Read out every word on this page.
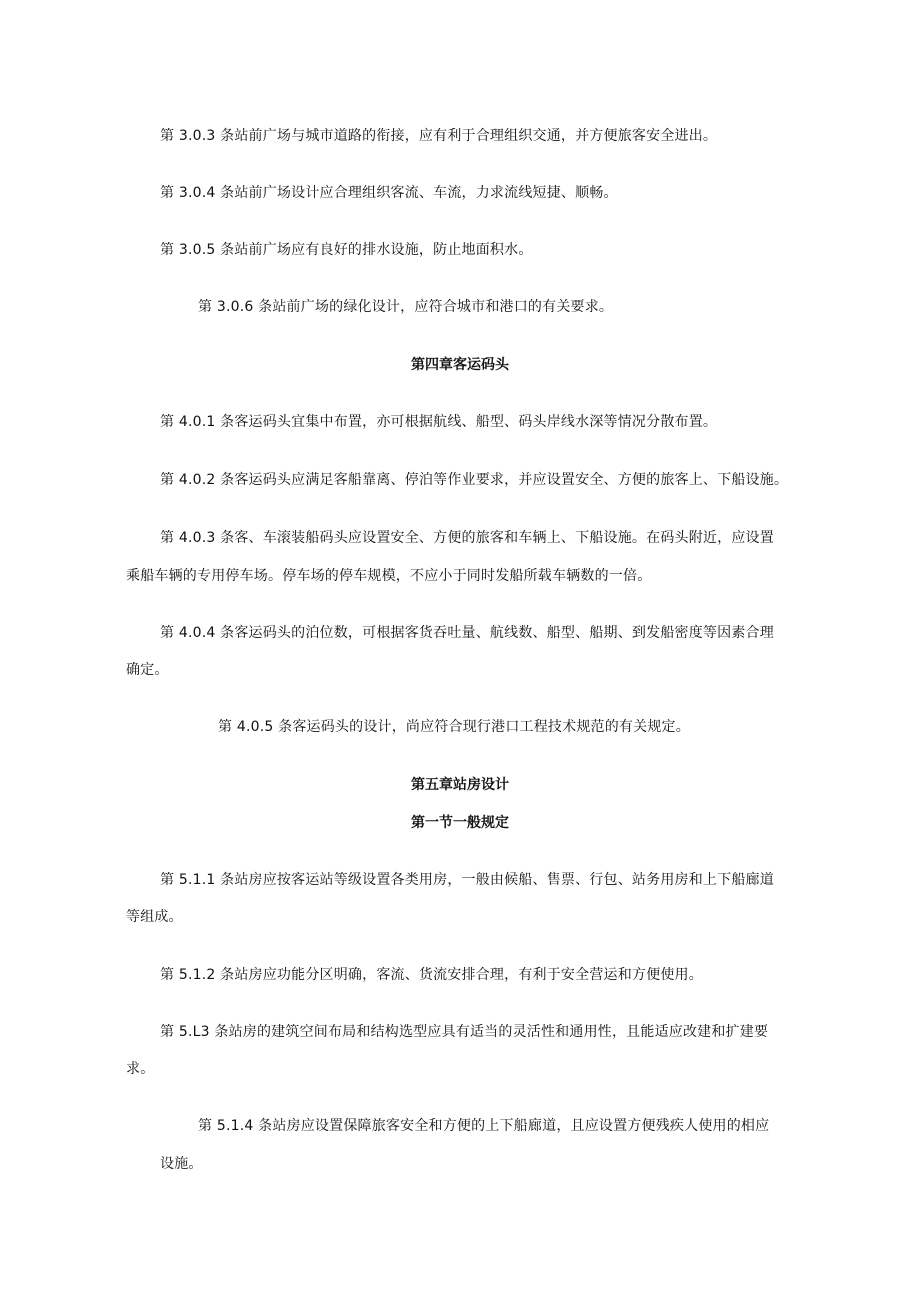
第 3.0.3 条站前广场与城市道路的衔接，应有利于合理组织交通，并方便旅客安全进出。
第 3.0.4 条站前广场设计应合理组织客流、车流，力求流线短捷、顺畅。
第 3.0.5 条站前广场应有良好的排水设施，防止地面积水。
第 3.0.6 条站前广场的绿化设计，应符合城市和港口的有关要求。
第四章客运码头
第 4.0.1 条客运码头宜集中布置，亦可根据航线、船型、码头岸线水深等情况分散布置。
第 4.0.2 条客运码头应满足客船靠离、停泊等作业要求，并应设置安全、方便的旅客上、下船设施。
第 4.0.3 条客、车滚装船码头应设置安全、方便的旅客和车辆上、下船设施。在码头附近，应设置
乘船车辆的专用停车场。停车场的停车规模，不应小于同时发船所载车辆数的一倍。
第 4.0.4 条客运码头的泊位数，可根据客货吞吐量、航线数、船型、船期、到发船密度等因素合理
确定。
第 4.0.5 条客运码头的设计，尚应符合现行港口工程技术规范的有关规定。
第五章站房设计
第一节一般规定
第 5.1.1 条站房应按客运站等级设置各类用房，一般由候船、售票、行包、站务用房和上下船廊道
等组成。
第 5.1.2 条站房应功能分区明确，客流、货流安排合理，有利于安全营运和方便使用。
第 5.L3 条站房的建筑空间布局和结构选型应具有适当的灵活性和通用性，且能适应改建和扩建要
求。
第 5.1.4 条站房应设置保障旅客安全和方便的上下船廊道，且应设置方便残疾人使用的相应
设施。
